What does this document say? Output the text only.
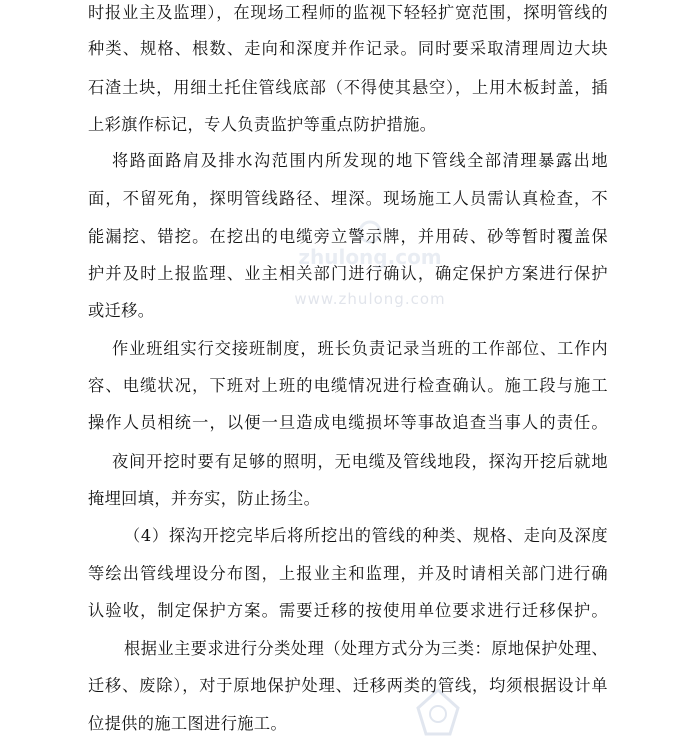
zhulong.com
www.zhulong.com
时报业主及监理），在现场工程师的监视下轻轻扩宽范围，探明管线的
种类、规格、根数、走向和深度并作记录。同时要采取清理周边大块
石渣土块，用细土托住管线底部（不得使其悬空），上用木板封盖，插
上彩旗作标记，专人负责监护等重点防护措施。
将路面路肩及排水沟范围内所发现的地下管线全部清理暴露出地
面，不留死角，探明管线路径、埋深。现场施工人员需认真检查，不
能漏挖、错挖。在挖出的电缆旁立警示牌，并用砖、砂等暂时覆盖保
护并及时上报监理、业主相关部门进行确认，确定保护方案进行保护
或迁移。
作业班组实行交接班制度，班长负责记录当班的工作部位、工作内
容、电缆状况，下班对上班的电缆情况进行检查确认。施工段与施工
操作人员相统一，以便一旦造成电缆损坏等事故追查当事人的责任。
夜间开挖时要有足够的照明，无电缆及管线地段，探沟开挖后就地
掩埋回填，并夯实，防止扬尘。
（4）探沟开挖完毕后将所挖出的管线的种类、规格、走向及深度
等绘出管线埋设分布图，上报业主和监理，并及时请相关部门进行确
认验收，制定保护方案。需要迁移的按使用单位要求进行迁移保护。
根据业主要求进行分类处理（处理方式分为三类：原地保护处理、
迁移、废除），对于原地保护处理、迁移两类的管线，均须根据设计单
位提供的施工图进行施工。
